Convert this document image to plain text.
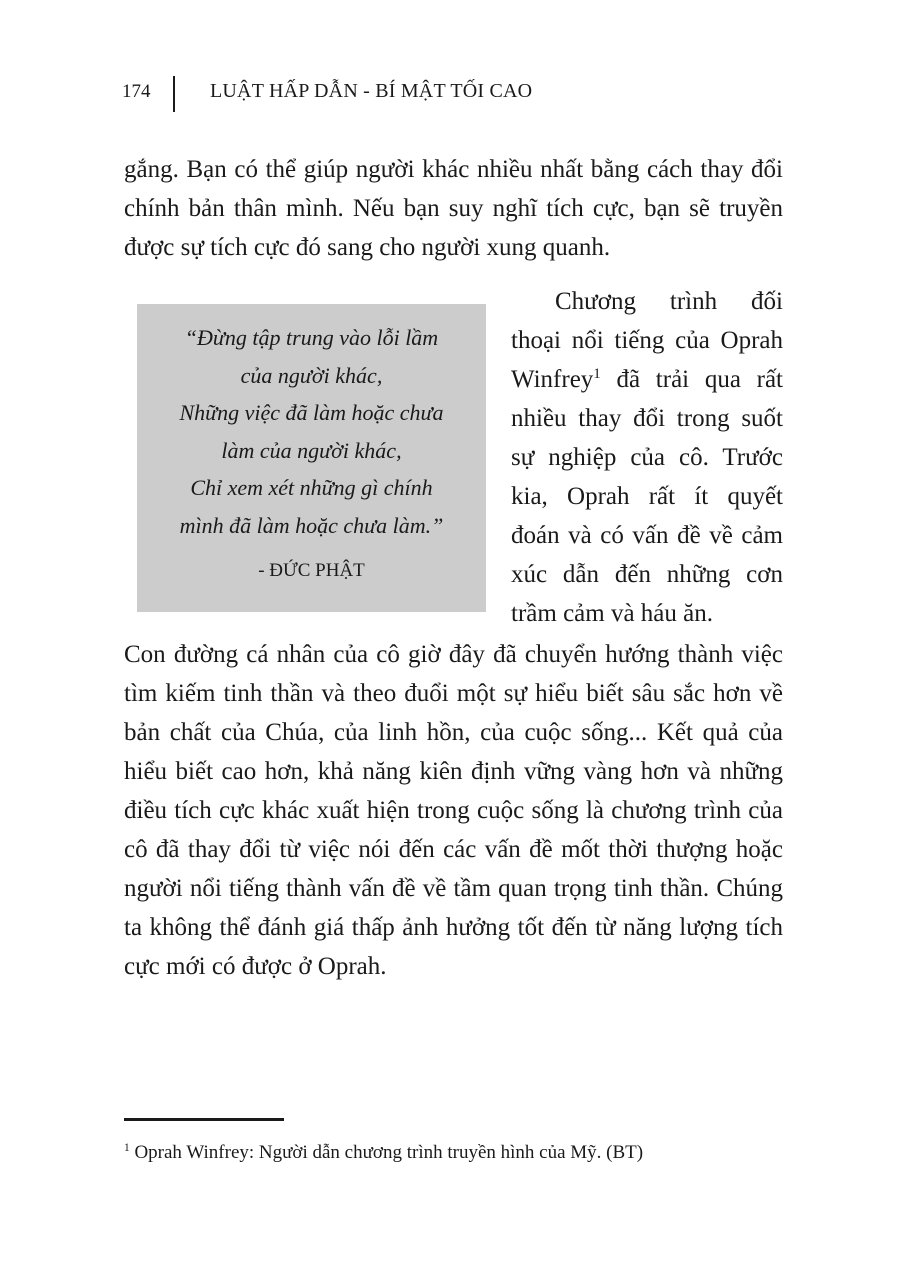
174	LUẬT HẤP DẪN - BÍ MẬT TỐI CAO

gắng. Bạn có thể giúp người khác nhiều nhất bằng cách thay đổi chính bản thân mình. Nếu bạn suy nghĩ tích cực, bạn sẽ truyền được sự tích cực đó sang cho người xung quanh.

“Đừng tập trung vào lỗi lầm
của người khác,
Những việc đã làm hoặc chưa
làm của người khác,
Chỉ xem xét những gì chính
mình đã làm hoặc chưa làm.”
- ĐỨC PHẬT

Chương trình đối thoại nổi tiếng của Oprah Winfrey$^1$ đã trải qua rất nhiều thay đổi trong suốt sự nghiệp của cô. Trước kia, Oprah rất ít quyết đoán và có vấn đề về cảm xúc dẫn đến những cơn trầm cảm và háu ăn.

Con đường cá nhân của cô giờ đây đã chuyển hướng thành việc tìm kiếm tinh thần và theo đuổi một sự hiểu biết sâu sắc hơn về bản chất của Chúa, của linh hồn, của cuộc sống... Kết quả của hiểu biết cao hơn, khả năng kiên định vững vàng hơn và những điều tích cực khác xuất hiện trong cuộc sống là chương trình của cô đã thay đổi từ việc nói đến các vấn đề mốt thời thượng hoặc người nổi tiếng thành vấn đề về tầm quan trọng tinh thần. Chúng ta không thể đánh giá thấp ảnh hưởng tốt đến từ năng lượng tích cực mới có được ở Oprah.

$^1$ Oprah Winfrey: Người dẫn chương trình truyền hình của Mỹ. (BT)
